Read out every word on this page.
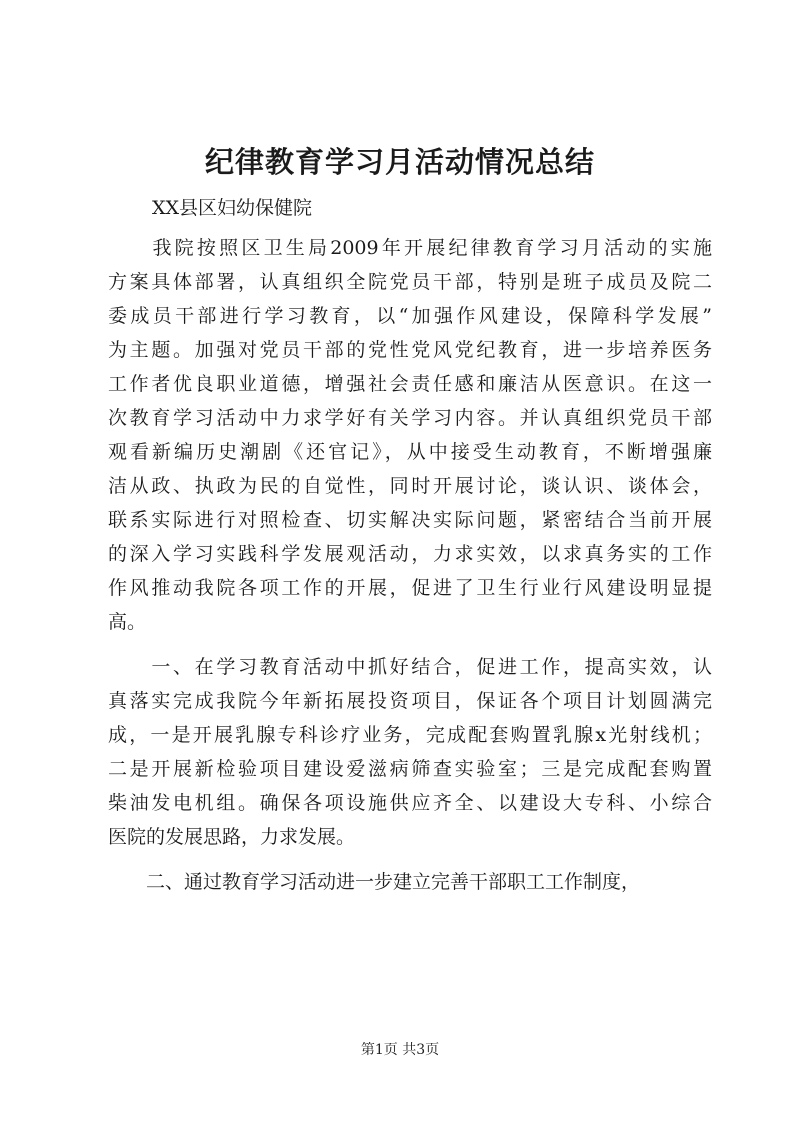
纪律教育学习月活动情况总结
XX县区妇幼保健院
　　我院按照区卫生局2009年开展纪律教育学习月活动的实施
方案具体部署，认真组织全院党员干部，特别是班子成员及院二
委成员干部进行学习教育，以“加强作风建设，保障科学发展”
为主题。加强对党员干部的党性党风党纪教育，进一步培养医务
工作者优良职业道德，增强社会责任感和廉洁从医意识。在这一
次教育学习活动中力求学好有关学习内容。并认真组织党员干部
观看新编历史潮剧《还官记》，从中接受生动教育，不断增强廉
洁从政、执政为民的自觉性，同时开展讨论，谈认识、谈体会，
联系实际进行对照检查、切实解决实际问题，紧密结合当前开展
的深入学习实践科学发展观活动，力求实效，以求真务实的工作
作风推动我院各项工作的开展，促进了卫生行业行风建设明显提
高。
　　一、在学习教育活动中抓好结合，促进工作，提高实效，认
真落实完成我院今年新拓展投资项目，保证各个项目计划圆满完
成，一是开展乳腺专科诊疗业务，完成配套购置乳腺x光射线机；
二是开展新检验项目建设爱滋病筛查实验室；三是完成配套购置
柴油发电机组。确保各项设施供应齐全、以建设大专科、小综合
医院的发展思路，力求发展。
　　二、通过教育学习活动进一步建立完善干部职工工作制度，
第1页 共3页
